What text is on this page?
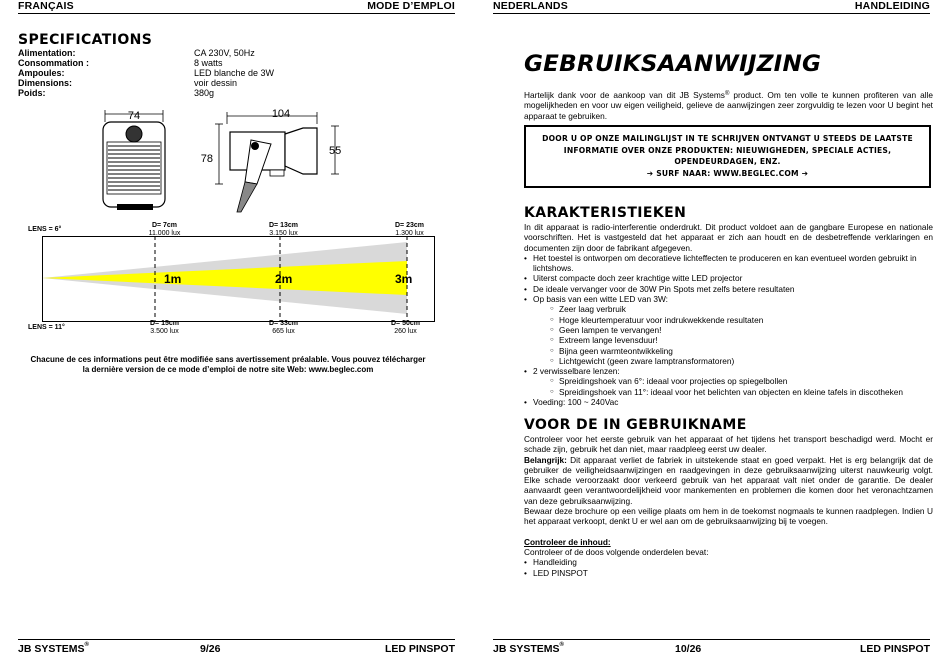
FRANÇAIS	MODE D’EMPLOI
SPECIFICATIONS
Alimentation:	CA 230V, 50Hz
Consommation :	8 watts
Ampoules:	LED blanche de 3W
Dimensions:	voir dessin
Poids:	380g
74	104
78
55
1m	2m	3m
LENS = 6°
LENS = 11°
D= 7cm
11.000 lux
D= 13cm
3.150 lux
D= 23cm
1.300 lux
D= 15cm
3.500 lux
D= 33cm
665 lux
D= 50cm
260 lux
Chacune de ces informations peut être modifiée sans avertissement préalable. Vous pouvez télécharger la dernière version de ce mode d’emploi de notre site Web: www.beglec.com
JB SYSTEMS®	9/26	LED PINSPOT
NEDERLANDS	HANDLEIDING
JB SYSTEMS®	10/26	LED PINSPOT
GEBRUIKSAANWIJZING
Hartelijk dank voor de aankoop van dit JB Systems® product. Om ten volle te kunnen profiteren van alle mogelijkheden en voor uw eigen veiligheid, gelieve de aanwijzingen zeer zorgvuldig te lezen voor U begint het apparaat te gebruiken.
DOOR U OP ONZE MAILINGLIJST IN TE SCHRIJVEN ONTVANGT U STEEDS DE LAATSTE INFORMATIE OVER ONZE PRODUKTEN: NIEUWIGHEDEN, SPECIALE ACTIES, OPENDEURDAGEN, ENZ.
➔ SURF NAAR: WWW.BEGLEC.COM ➔
KARAKTERISTIEKEN
In dit apparaat is radio-interferentie onderdrukt. Dit product voldoet aan de gangbare Europese en nationale voorschriften. Het is vastgesteld dat het apparaat er zich aan houdt en de desbetreffende verklaringen en documenten zijn door de fabrikant afgegeven.
• Het toestel is ontworpen om decoratieve lichteffecten te produceren en kan eventueel worden gebruikt in lichtshows.
• Uiterst compacte doch zeer krachtige witte LED projector
• De ideale vervanger voor de 30W Pin Spots met zelfs betere resultaten
• Op basis van een witte LED van 3W:
○ Zeer laag verbruik
○ Hoge kleurtemperatuur voor indrukwekkende resultaten
○ Geen lampen te vervangen!
○ Extreem lange levensduur!
○ Bijna geen warmteontwikkeling
○ Lichtgewicht (geen zware lamptransformatoren)
• 2 verwisselbare lenzen:
○ Spreidingshoek van 6°: ideaal voor projecties op spiegelbollen
○ Spreidingshoek van 11°: ideaal voor het belichten van objecten en kleine tafels in discotheken
• Voeding: 100 ~ 240Vac
VOOR DE IN GEBRUIKNAME
Controleer voor het eerste gebruik van het apparaat of het tijdens het transport beschadigd werd. Mocht er schade zijn, gebruik het dan niet, maar raadpleeg eerst uw dealer.
Belangrijk: Dit apparaat verliet de fabriek in uitstekende staat en goed verpakt. Het is erg belangrijk dat de gebruiker de veiligheidsaanwijzingen en raadgevingen in deze gebruiksaanwijzing uiterst nauwkeurig volgt. Elke schade veroorzaakt door verkeerd gebruik van het apparaat valt niet onder de garantie. De dealer aanvaardt geen verantwoordelijkheid voor mankementen en problemen die komen door het veronachtzamen van deze gebruiksaanwijzing.
Bewaar deze brochure op een veilige plaats om hem in de toekomst nogmaals te kunnen raadplegen. Indien U het apparaat verkoopt, denkt U er wel aan om de gebruiksaanwijzing bij te voegen.
Controleer de inhoud:
Controleer of de doos volgende onderdelen bevat:
• Handleiding
• LED PINSPOT
